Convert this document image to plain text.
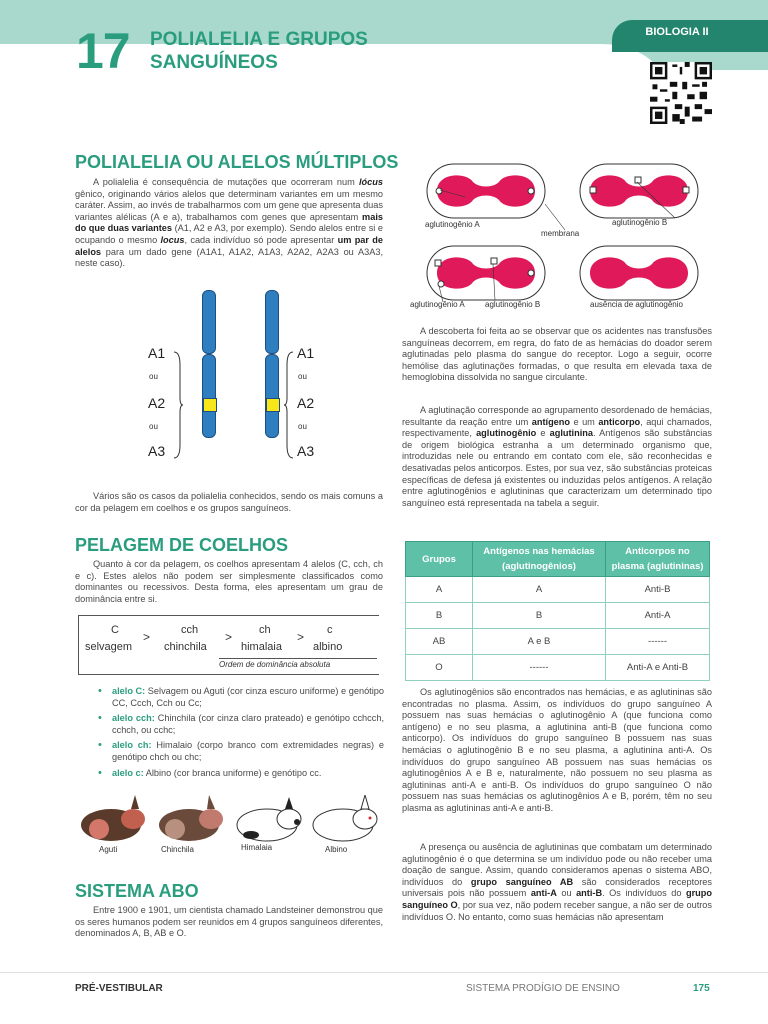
BIOLOGIA II
17 POLIALELIA E GRUPOS
SANGUÍNEOS
POLIALELIA OU ALELOS MÚLTIPLOS
A polialelia é consequência de mutações que ocorreram num lócus gênico, originando vários alelos que determinam variantes em um mesmo caráter. Assim, ao invés de trabalharmos com um gene que apresenta duas variantes alélicas (A e a), trabalhamos com genes que apresentam mais do que duas variantes (A1, A2 e A3, por exemplo). Sendo alelos entre si e ocupando o mesmo locus, cada indivíduo só pode apresentar um par de alelos para um dado gene (A1A1, A1A2, A1A3, A2A2, A2A3 ou A3A3, neste caso).
A1
ou
A2
ou
A3
A1
ou
A2
ou
A3
Vários são os casos da polialelia conhecidos, sendo os mais comuns a cor da pelagem em coelhos e os grupos sanguíneos.
PELAGEM DE COELHOS
Quanto à cor da pelagem, os coelhos apresentam 4 alelos (C, cch, ch e c). Estes alelos não podem ser simplesmente classificados como dominantes ou recessivos. Desta forma, eles apresentam um grau de dominância entre si.
C	cch	ch	c
>	>	>
selvagem	chinchila	himalaia	albino
Ordem de dominância absoluta
• alelo C: Selvagem ou Aguti (cor cinza escuro uniforme) e genótipo CC, Ccch, Cch ou Cc;
• alelo cch: Chinchila (cor cinza claro prateado) e genótipo cchcch, cchch, ou cchc;
• alelo ch: Himalaio (corpo branco com extremidades negras) e genótipo chch ou chc;
• alelo c: Albino (cor branca uniforme) e genótipo cc.
Aguti	Chinchila	Himalaia	Albino
SISTEMA ABO
Entre 1900 e 1901, um cientista chamado Landsteiner demonstrou que os seres humanos podem ser reunidos em 4 grupos sanguíneos diferentes, denominados A, B, AB e O.
aglutinogênio A	aglutinogênio B
membrana
aglutinogênio A	aglutinogênio B	ausência de aglutinogênio
A descoberta foi feita ao se observar que os acidentes nas transfusões sanguíneas decorrem, em regra, do fato de as hemácias do doador serem aglutinadas pelo plasma do sangue do receptor. Logo a seguir, ocorre hemólise das aglutinações formadas, o que resulta em elevada taxa de hemoglobina dissolvida no sangue circulante.
A aglutinação corresponde ao agrupamento desordenado de hemácias, resultante da reação entre um antígeno e um anticorpo, aqui chamados, respectivamente, aglutinogênio e aglutinina. Antígenos são substâncias de origem biológica estranha a um determinado organismo que, introduzidas nele ou entrando em contato com ele, são reconhecidas e desativadas pelos anticorpos. Estes, por sua vez, são substâncias proteicas específicas de defesa já existentes ou induzidas pelos antígenos. A relação entre aglutinogênios e aglutininas que caracterizam um determinado tipo sanguíneo está representada na tabela a seguir.
Grupos	Antígenos nas hemácias (aglutinogênios)	Anticorpos no plasma (aglutininas)
A	A	Anti-B
B	B	Anti-A
AB	A e B	------
O	------	Anti-A e Anti-B
Os aglutinogênios são encontrados nas hemácias, e as aglutininas são encontradas no plasma. Assim, os indivíduos do grupo sanguíneo A possuem nas suas hemácias o aglutinogênio A (que funciona como antígeno) e no seu plasma, a aglutinina anti-B (que funciona como anticorpo). Os indivíduos do grupo sanguíneo B possuem nas suas hemácias o aglutinogênio B e no seu plasma, a aglutinina anti-A. Os indivíduos do grupo sanguíneo AB possuem nas suas hemácias os aglutinogênios A e B e, naturalmente, não possuem no seu plasma as aglutininas anti-A e anti-B. Os indivíduos do grupo sanguíneo O não possuem nas suas hemácias os aglutinogênios A e B, porém, têm no seu plasma as aglutininas anti-A e anti-B.
A presença ou ausência de aglutininas que combatam um determinado aglutinogênio é o que determina se um indivíduo pode ou não receber uma doação de sangue. Assim, quando consideramos apenas o sistema ABO, indivíduos do grupo sanguíneo AB são considerados receptores universais pois não possuem anti-A ou anti-B. Os indivíduos do grupo sanguíneo O, por sua vez, não podem receber sangue, a não ser de outros indivíduos O. No entanto, como suas hemácias não apresentam
PRÉ-VESTIBULAR	SISTEMA PRODÍGIO DE ENSINO	175
